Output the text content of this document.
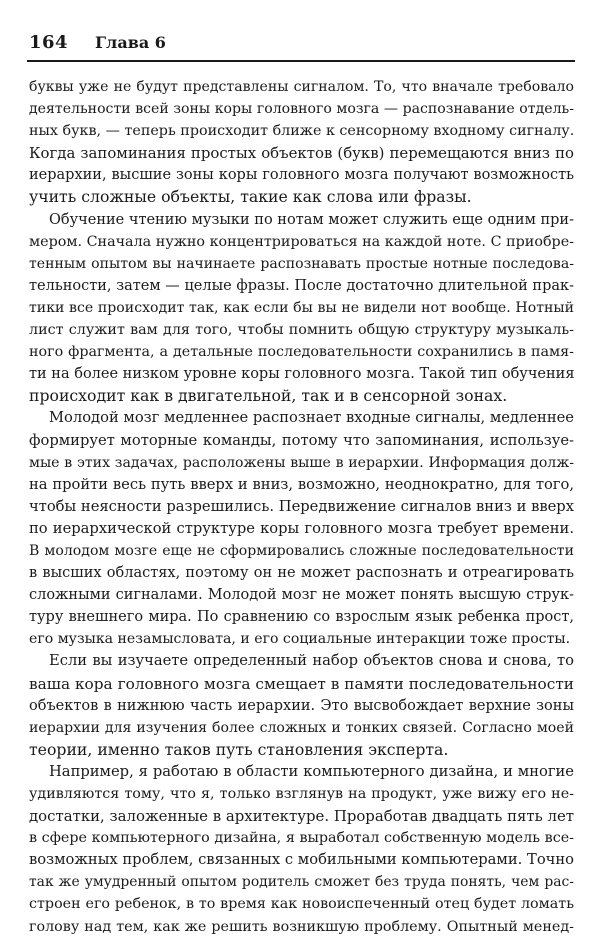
164 Глава 6
буквы уже не будут представлены сигналом. То, что вначале требовало
деятельности всей зоны коры головного мозга — распознавание отдель-
ных букв, — теперь происходит ближе к сенсорному входному сигналу.
Когда запоминания простых объектов (букв) перемещаются вниз по
иерархии, высшие зоны коры головного мозга получают возможность
учить сложные объекты, такие как слова или фразы.
Обучение чтению музыки по нотам может служить еще одним при-
мером. Сначала нужно концентрироваться на каждой ноте. С приобре-
тенным опытом вы начинаете распознавать простые нотные последова-
тельности, затем — целые фразы. После достаточно длительной прак-
тики все происходит так, как если бы вы не видели нот вообще. Нотный
лист служит вам для того, чтобы помнить общую структуру музыкаль-
ного фрагмента, а детальные последовательности сохранились в памя-
ти на более низком уровне коры головного мозга. Такой тип обучения
происходит как в двигательной, так и в сенсорной зонах.
Молодой мозг медленнее распознает входные сигналы, медленнее
формирует моторные команды, потому что запоминания, используе-
мые в этих задачах, расположены выше в иерархии. Информация долж-
на пройти весь путь вверх и вниз, возможно, неоднократно, для того,
чтобы неясности разрешились. Передвижение сигналов вниз и вверх
по иерархической структуре коры головного мозга требует времени.
В молодом мозге еще не сформировались сложные последовательности
в высших областях, поэтому он не может распознать и отреагировать
сложными сигналами. Молодой мозг не может понять высшую струк-
туру внешнего мира. По сравнению со взрослым язык ребенка прост,
его музыка незамысловата, и его социальные интеракции тоже просты.
Если вы изучаете определенный набор объектов снова и снова, то
ваша кора головного мозга смещает в памяти последовательности
объектов в нижнюю часть иерархии. Это высвобождает верхние зоны
иерархии для изучения более сложных и тонких связей. Согласно моей
теории, именно таков путь становления эксперта.
Например, я работаю в области компьютерного дизайна, и многие
удивляются тому, что я, только взглянув на продукт, уже вижу его не-
достатки, заложенные в архитектуре. Проработав двадцать пять лет
в сфере компьютерного дизайна, я выработал собственную модель все-
возможных проблем, связанных с мобильными компьютерами. Точно
так же умудренный опытом родитель сможет без труда понять, чем рас-
строен его ребенок, в то время как новоиспеченный отец будет ломать
голову над тем, как же решить возникшую проблему. Опытный менед-
